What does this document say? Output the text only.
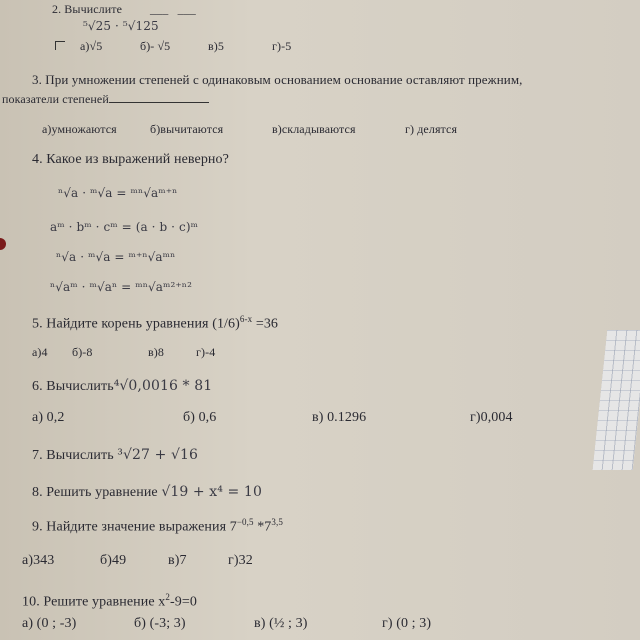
2. Вычислите ___   ___
⁵√25 · ⁵√125
а)√5	б)- √5	в)5	г)-5
3. При умножении степеней с одинаковым основанием основание оставляют прежним,
показатели степеней
а)умножаются	б)вычитаются	в)складываются	г) делятся
4. Какое из выражений неверно?
ⁿ√a · ᵐ√a = ᵐⁿ√aᵐ⁺ⁿ
aᵐ · bᵐ · cᵐ = (a · b · c)ᵐ
ⁿ√a · ᵐ√a = ᵐ⁺ⁿ√aᵐⁿ
ⁿ√aᵐ · ᵐ√aⁿ = ᵐⁿ√aᵐ²⁺ⁿ²
5. Найдите корень уравнения $(1/6)^{6-x} =36$
а)4 б)-8	в)8	г)-4
6. Вычислить⁴√0,0016 * 81
а) 0,2	б) 0,6	в) 0.1296	г)0,004
7. Вычислить ³√27 + √16
8. Решить уравнение √19 + x⁴ = 10
9. Найдите значение выражения $7^{-0,5}$ *7$^{3,5}$
а)343	б)49	в)7	г)32
10. Решите уравнение $x^2-9=0$
а) (0 ; -3)	б) (-3; 3)	в) (½ ; 3)	г) (0 ; 3)
